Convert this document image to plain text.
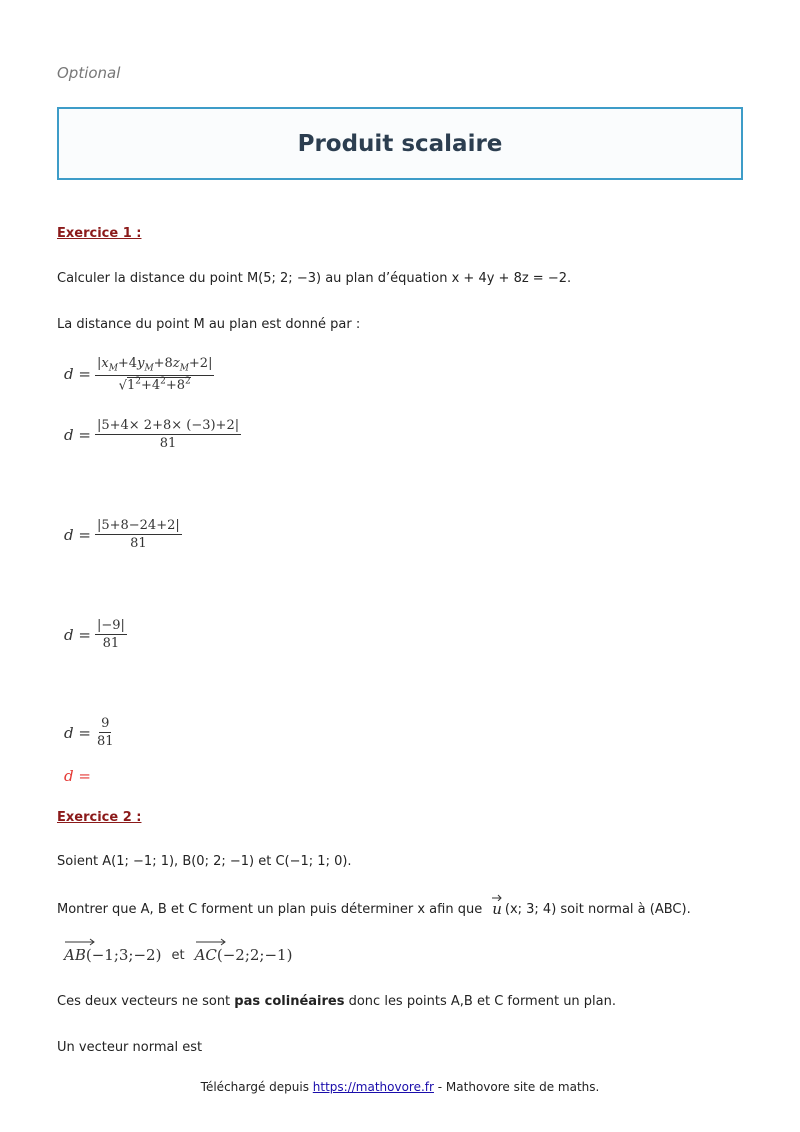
Optional
Produit scalaire
Exercice 1 :
Calculer la distance du point M(5; 2; −3) au plan d’équation x + 4y + 8z = −2.
La distance du point M au plan est donné par :
$d = \frac{|x_M+4y_M+8z_M+2|}{√1^2+4^2+8^2}$
$d = \frac{|5+4\times 2+8\times (-3)+2|}{81}$
$d = \frac{|5+8-24+2|}{81}$
$d = \frac{|-9|}{81}$
$d = \frac{9}{81}$
d =
Exercice 2 :
Soient A(1; −1; 1), B(0; 2; −1) et C(−1; 1; 0).
Montrer que A, B et C forment un plan puis déterminer x afin que u (x; 3; 4) soit normal à (ABC).
AB (−1;3;−2) et AC (−2;2;−1)
Ces deux vecteurs ne sont pas colinéaires donc les points A,B et C forment un plan.
Un vecteur normal est
Téléchargé depuis https://mathovore.fr - Mathovore site de maths.
